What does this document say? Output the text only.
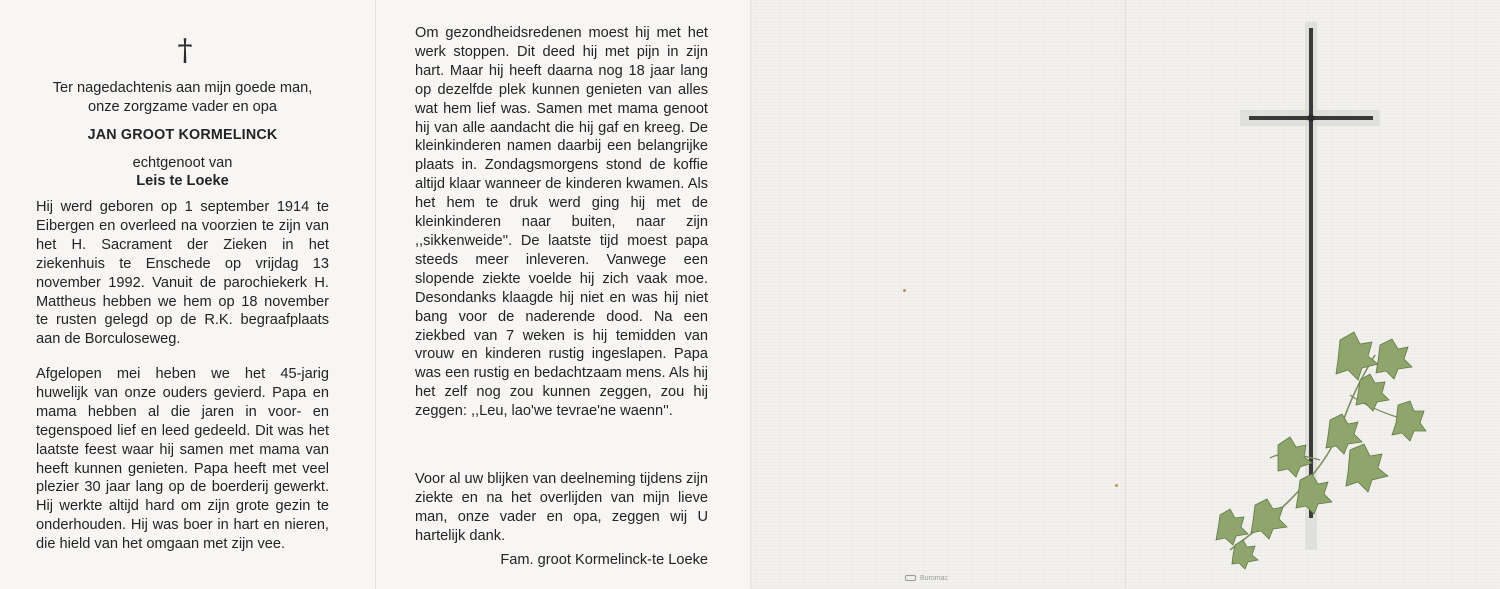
†

Ter nagedachtenis aan mijn goede man, onze zorgzame vader en opa

JAN GROOT KORMELINCK

echtgenoot van

Leis te Loeke

Hij werd geboren op 1 september 1914 te Eibergen en overleed na voorzien te zijn van het H. Sacrament der Zieken in het ziekenhuis te Enschede op vrijdag 13 november 1992. Vanuit de parochiekerk H. Mattheus hebben we hem op 18 november te rusten gelegd op de R.K. begraafplaats aan de Borculoseweg.

Afgelopen mei heben we het 45-jarig huwelijk van onze ouders gevierd. Papa en mama hebben al die jaren in voor- en tegenspoed lief en leed gedeeld. Dit was het laatste feest waar hij samen met mama van heeft kunnen genieten. Papa heeft met veel plezier 30 jaar lang op de boerderij gewerkt. Hij werkte altijd hard om zijn grote gezin te onderhouden. Hij was boer in hart en nieren, die hield van het omgaan met zijn vee.

Om gezondheidsredenen moest hij met het werk stoppen. Dit deed hij met pijn in zijn hart. Maar hij heeft daarna nog 18 jaar lang op dezelfde plek kunnen genieten van alles wat hem lief was. Samen met mama genoot hij van alle aandacht die hij gaf en kreeg. De kleinkinderen namen daarbij een belangrijke plaats in. Zondagsmorgens stond de koffie altijd klaar wanneer de kinderen kwamen. Als het hem te druk werd ging hij met de kleinkinderen naar buiten, naar zijn ,,sikkenweide''. De laatste tijd moest papa steeds meer inleveren. Vanwege een slopende ziekte voelde hij zich vaak moe. Desondanks klaagde hij niet en was hij niet bang voor de naderende dood. Na een ziekbed van 7 weken is hij temidden van vrouw en kinderen rustig ingeslapen. Papa was een rustig en bedachtzaam mens. Als hij het zelf nog zou kunnen zeggen, zou hij zeggen: ,,Leu, lao'we tevrae'ne waenn''.

Voor al uw blijken van deelneming tijdens zijn ziekte en na het overlijden van mijn lieve man, onze vader en opa, zeggen wij U hartelijk dank.

Fam. groot Kormelinck-te Loeke

Buromac
